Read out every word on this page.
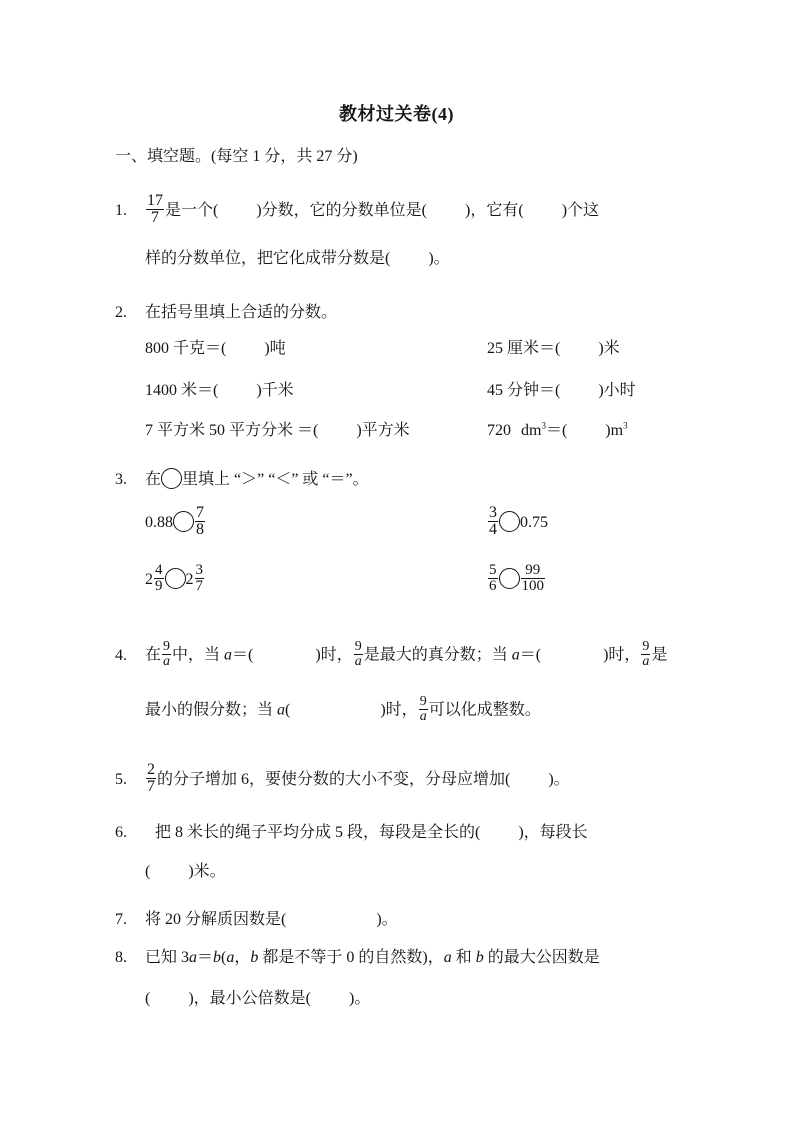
教材过关卷(4)
一、填空题。(每空 1 分，共 27 分)
1. $\frac{17}{7}$ 是一个( )分数，它的分数单位是( )，它有( )个这
样的分数单位，把它化成带分数是( )。
2. 在括号里填上合适的分数。
800 千克＝( )吨	25 厘米＝( )米
1400 米＝( )千米	45 分钟＝( )小时
7 平方米 50 平方分米 ＝( )平方米	720 $dm^3=$( )$m^3$
3. 在 里填上 “＞” “＜” 或 “＝”。
$0.88 \frac{7}{8}$	$\frac{3}{4} 0.75$
$2 \frac{4}{9} 2 \frac{3}{7}$	$\frac{5}{6} \frac{99}{100}$
4. 在 $\frac{9}{a}$ 中，当 a＝(	)时， $\frac{9}{a}$ 是最大的真分数；当 a＝(	)时， $\frac{9}{a}$ 是
最小的假分数；当 a(	)时， $\frac{9}{a}$ 可以化成整数。
5. $\frac{2}{7}$ 的分子增加 6，要使分数的大小不变，分母应增加( )。
6. 把 8 米长的绳子平均分成 5 段，每段是全长的( )，每段长
( )米。
7. 将 20 分解质因数是(	)。
8. 已知 3a＝b(a，b 都是不等于 0 的自然数)，a 和 b 的最大公因数是
( )，最小公倍数是( )。
